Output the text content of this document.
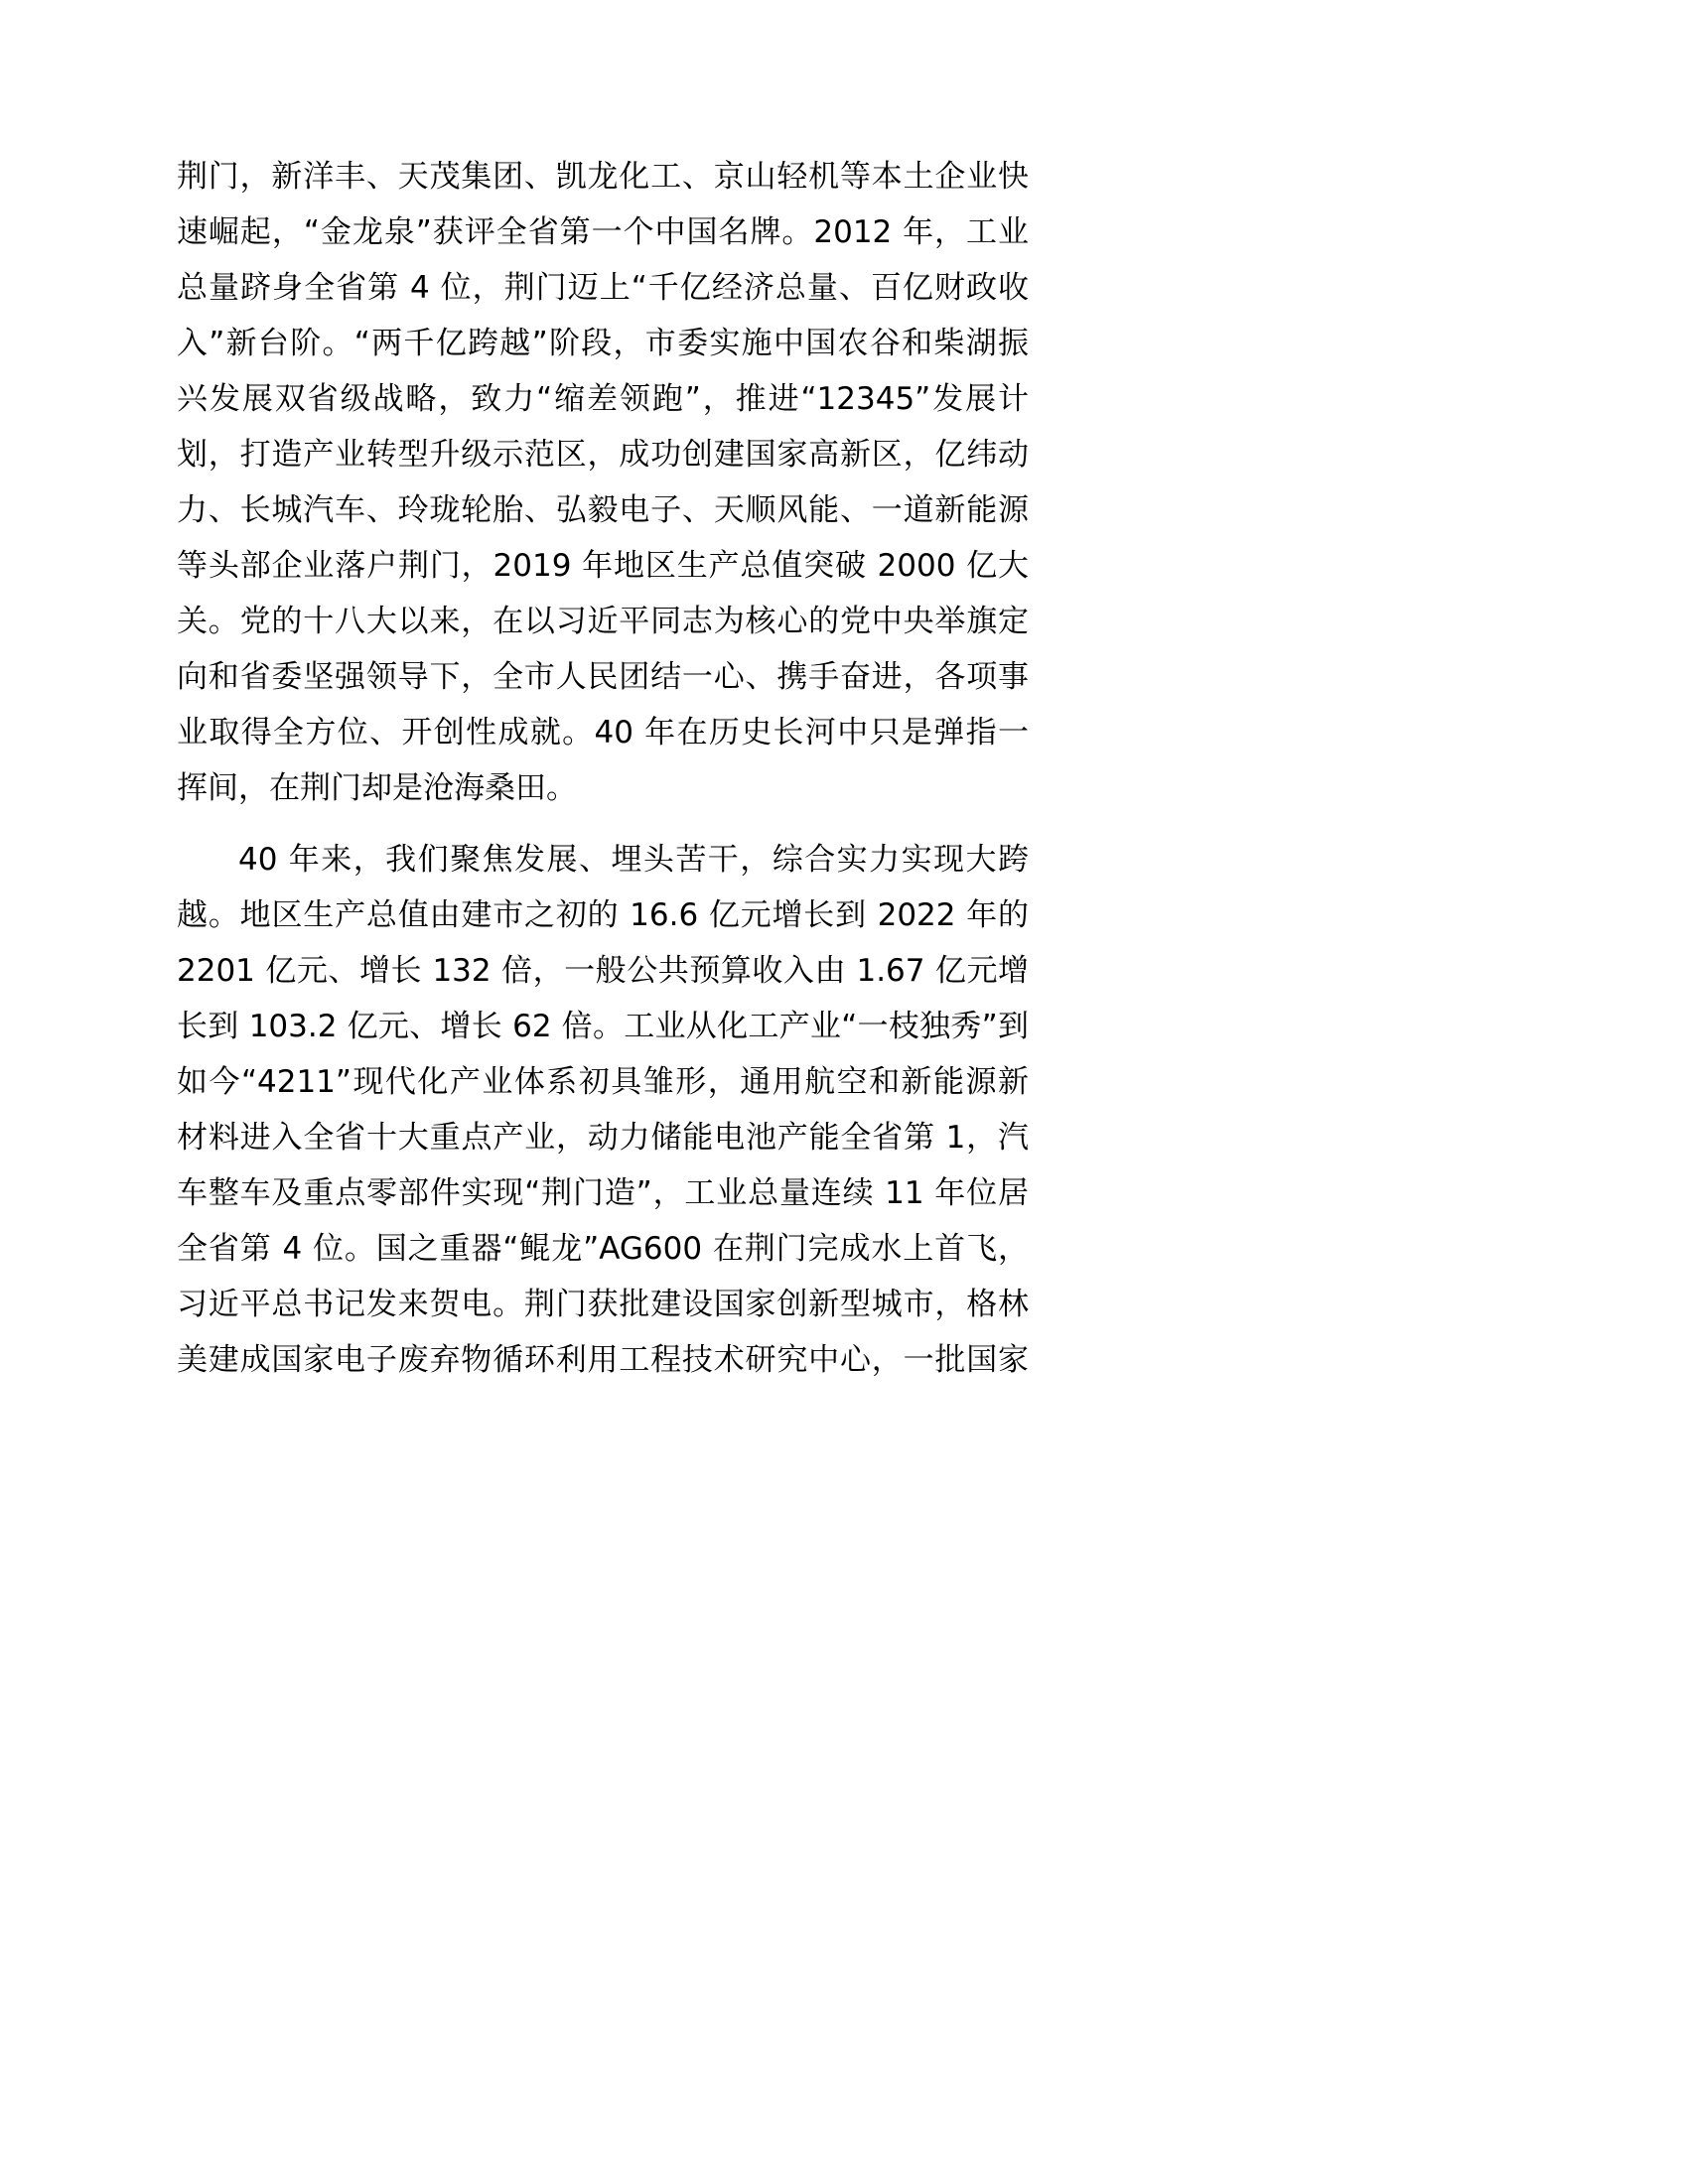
荆门，新洋丰、天茂集团、凯龙化工、京山轻机等本土企业快
速崛起，“金龙泉”获评全省第一个中国名牌。2012 年，工业
总量跻身全省第 4 位，荆门迈上“千亿经济总量、百亿财政收
入”新台阶。“两千亿跨越”阶段，市委实施中国农谷和柴湖振
兴发展双省级战略，致力“缩差领跑”，推进“12345”发展计
划，打造产业转型升级示范区，成功创建国家高新区，亿纬动
力、长城汽车、玲珑轮胎、弘毅电子、天顺风能、一道新能源
等头部企业落户荆门，2019 年地区生产总值突破 2000 亿大
关。党的十八大以来，在以习近平同志为核心的党中央举旗定
向和省委坚强领导下，全市人民团结一心、携手奋进，各项事
业取得全方位、开创性成就。40 年在历史长河中只是弹指一
挥间，在荆门却是沧海桑田。
40 年来，我们聚焦发展、埋头苦干，综合实力实现大跨
越。地区生产总值由建市之初的 16.6 亿元增长到 2022 年的
2201 亿元、增长 132 倍，一般公共预算收入由 1.67 亿元增
长到 103.2 亿元、增长 62 倍。工业从化工产业“一枝独秀”到
如今“4211”现代化产业体系初具雏形，通用航空和新能源新
材料进入全省十大重点产业，动力储能电池产能全省第 1，汽
车整车及重点零部件实现“荆门造”，工业总量连续 11 年位居
全省第 4 位。国之重器“鲲龙”AG600 在荆门完成水上首飞，
习近平总书记发来贺电。荆门获批建设国家创新型城市，格林
美建成国家电子废弃物循环利用工程技术研究中心，一批国家
